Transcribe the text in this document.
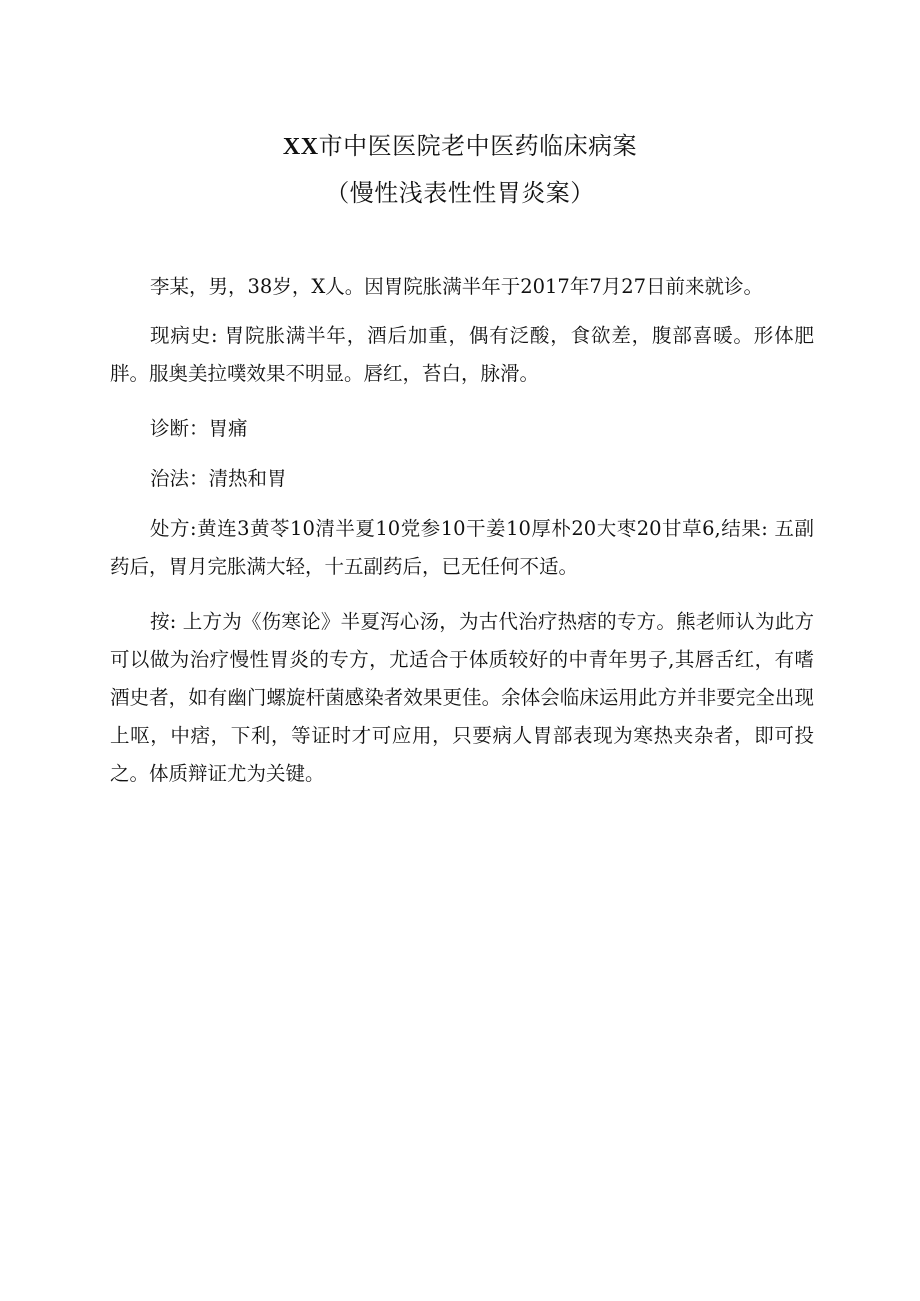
XX市中医医院老中医药临床病案
（慢性浅表性性胃炎案）

李某，男，38岁，X人。因胃院胀满半年于2017年7月27日前来就诊。

现病史: 胃院胀满半年，酒后加重，偶有泛酸，食欲差，腹部喜暖。形体肥胖。服奥美拉噗效果不明显。唇红，苔白，脉滑。

诊断：胃痛

治法：清热和胃

处方:黄连3黄苓10清半夏10党参10干姜10厚朴20大枣20甘草6,结果: 五副药后，胃月完胀满大轻，十五副药后，已无任何不适。

按: 上方为《伤寒论》半夏泻心汤，为古代治疗热痞的专方。熊老师认为此方可以做为治疗慢性胃炎的专方，尤适合于体质较好的中青年男子,其唇舌红，有嗜酒史者，如有幽门螺旋杆菌感染者效果更佳。余体会临床运用此方并非要完全出现上呕，中痞，下利，等证时才可应用，只要病人胃部表现为寒热夹杂者，即可投之。体质辩证尤为关键。
